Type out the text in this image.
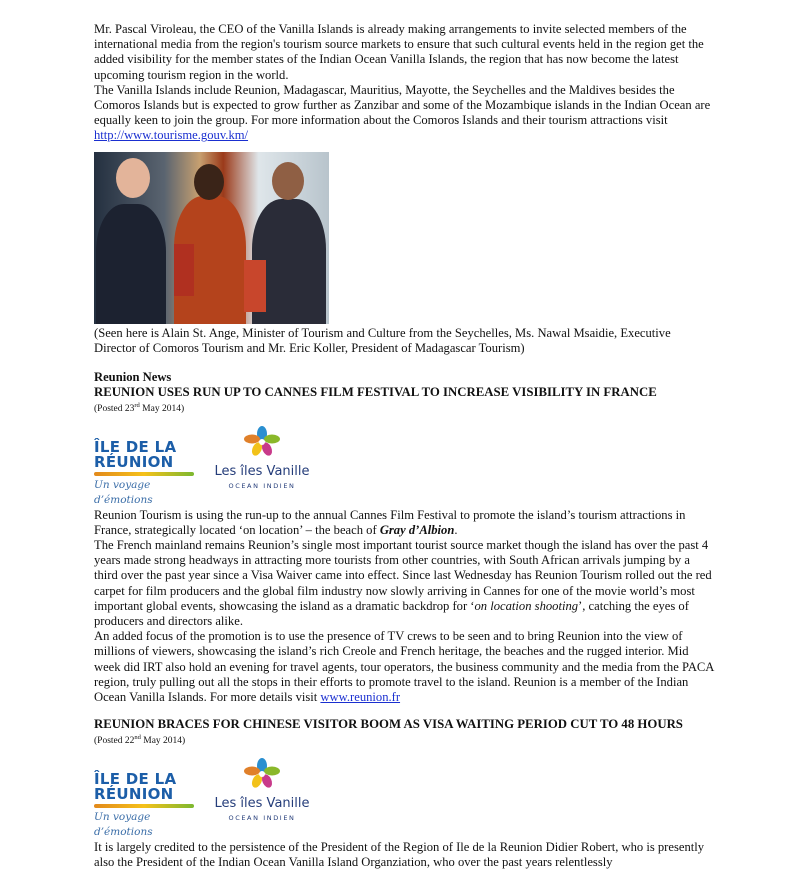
Mr. Pascal Viroleau, the CEO of the Vanilla Islands is already making arrangements to invite selected members of the international media from the region's tourism source markets to ensure that such cultural events held in the region get the added visibility for the member states of the Indian Ocean Vanilla Islands, the region that has now become the latest upcoming tourism region in the world.

The Vanilla Islands include Reunion, Madagascar, Mauritius, Mayotte, the Seychelles and the Maldives besides the Comoros Islands but is expected to grow further as Zanzibar and some of the Mozambique islands in the Indian Ocean are equally keen to join the group. For more information about the Comoros Islands and their tourism attractions visit http://www.tourisme.gouv.km/

(Seen here is Alain St. Ange, Minister of Tourism and Culture from the Seychelles, Ms. Nawal Msaidie, Executive Director of Comoros Tourism and Mr. Eric Koller, President of Madagascar Tourism)

Reunion News

REUNION USES RUN UP TO CANNES FILM FESTIVAL TO INCREASE VISIBILITY IN FRANCE

(Posted 23rd May 2014)

ÎLE DE LA RÉUNION
Un voyage d’émotions
Les îles Vanille
OCEAN INDIEN

Reunion Tourism is using the run-up to the annual Cannes Film Festival to promote the island’s tourism attractions in France, strategically located ‘on location’ – the beach of Gray d’Albion.

The French mainland remains Reunion’s single most important tourist source market though the island has over the past 4 years made strong headways in attracting more tourists from other countries, with South African arrivals jumping by a third over the past year since a Visa Waiver came into effect. Since last Wednesday has Reunion Tourism rolled out the red carpet for film producers and the global film industry now slowly arriving in Cannes for one of the movie world’s most important global events, showcasing the island as a dramatic backdrop for ‘on location shooting’, catching the eyes of producers and directors alike.

An added focus of the promotion is to use the presence of TV crews to be seen and to bring Reunion into the view of millions of viewers, showcasing the island’s rich Creole and French heritage, the beaches and the rugged interior. Mid week did IRT also hold an evening for travel agents, tour operators, the business community and the media from the PACA region, truly pulling out all the stops in their efforts to promote travel to the island. Reunion is a member of the Indian Ocean Vanilla Islands. For more details visit www.reunion.fr

REUNION BRACES FOR CHINESE VISITOR BOOM AS VISA WAITING PERIOD CUT TO 48 HOURS

(Posted 22nd May 2014)

ÎLE DE LA RÉUNION
Un voyage d’émotions
Les îles Vanille
OCEAN INDIEN

It is largely credited to the persistence of the President of the Region of Ile de la Reunion Didier Robert, who is presently also the President of the Indian Ocean Vanilla Island Organziation, who over the past years relentlessly
